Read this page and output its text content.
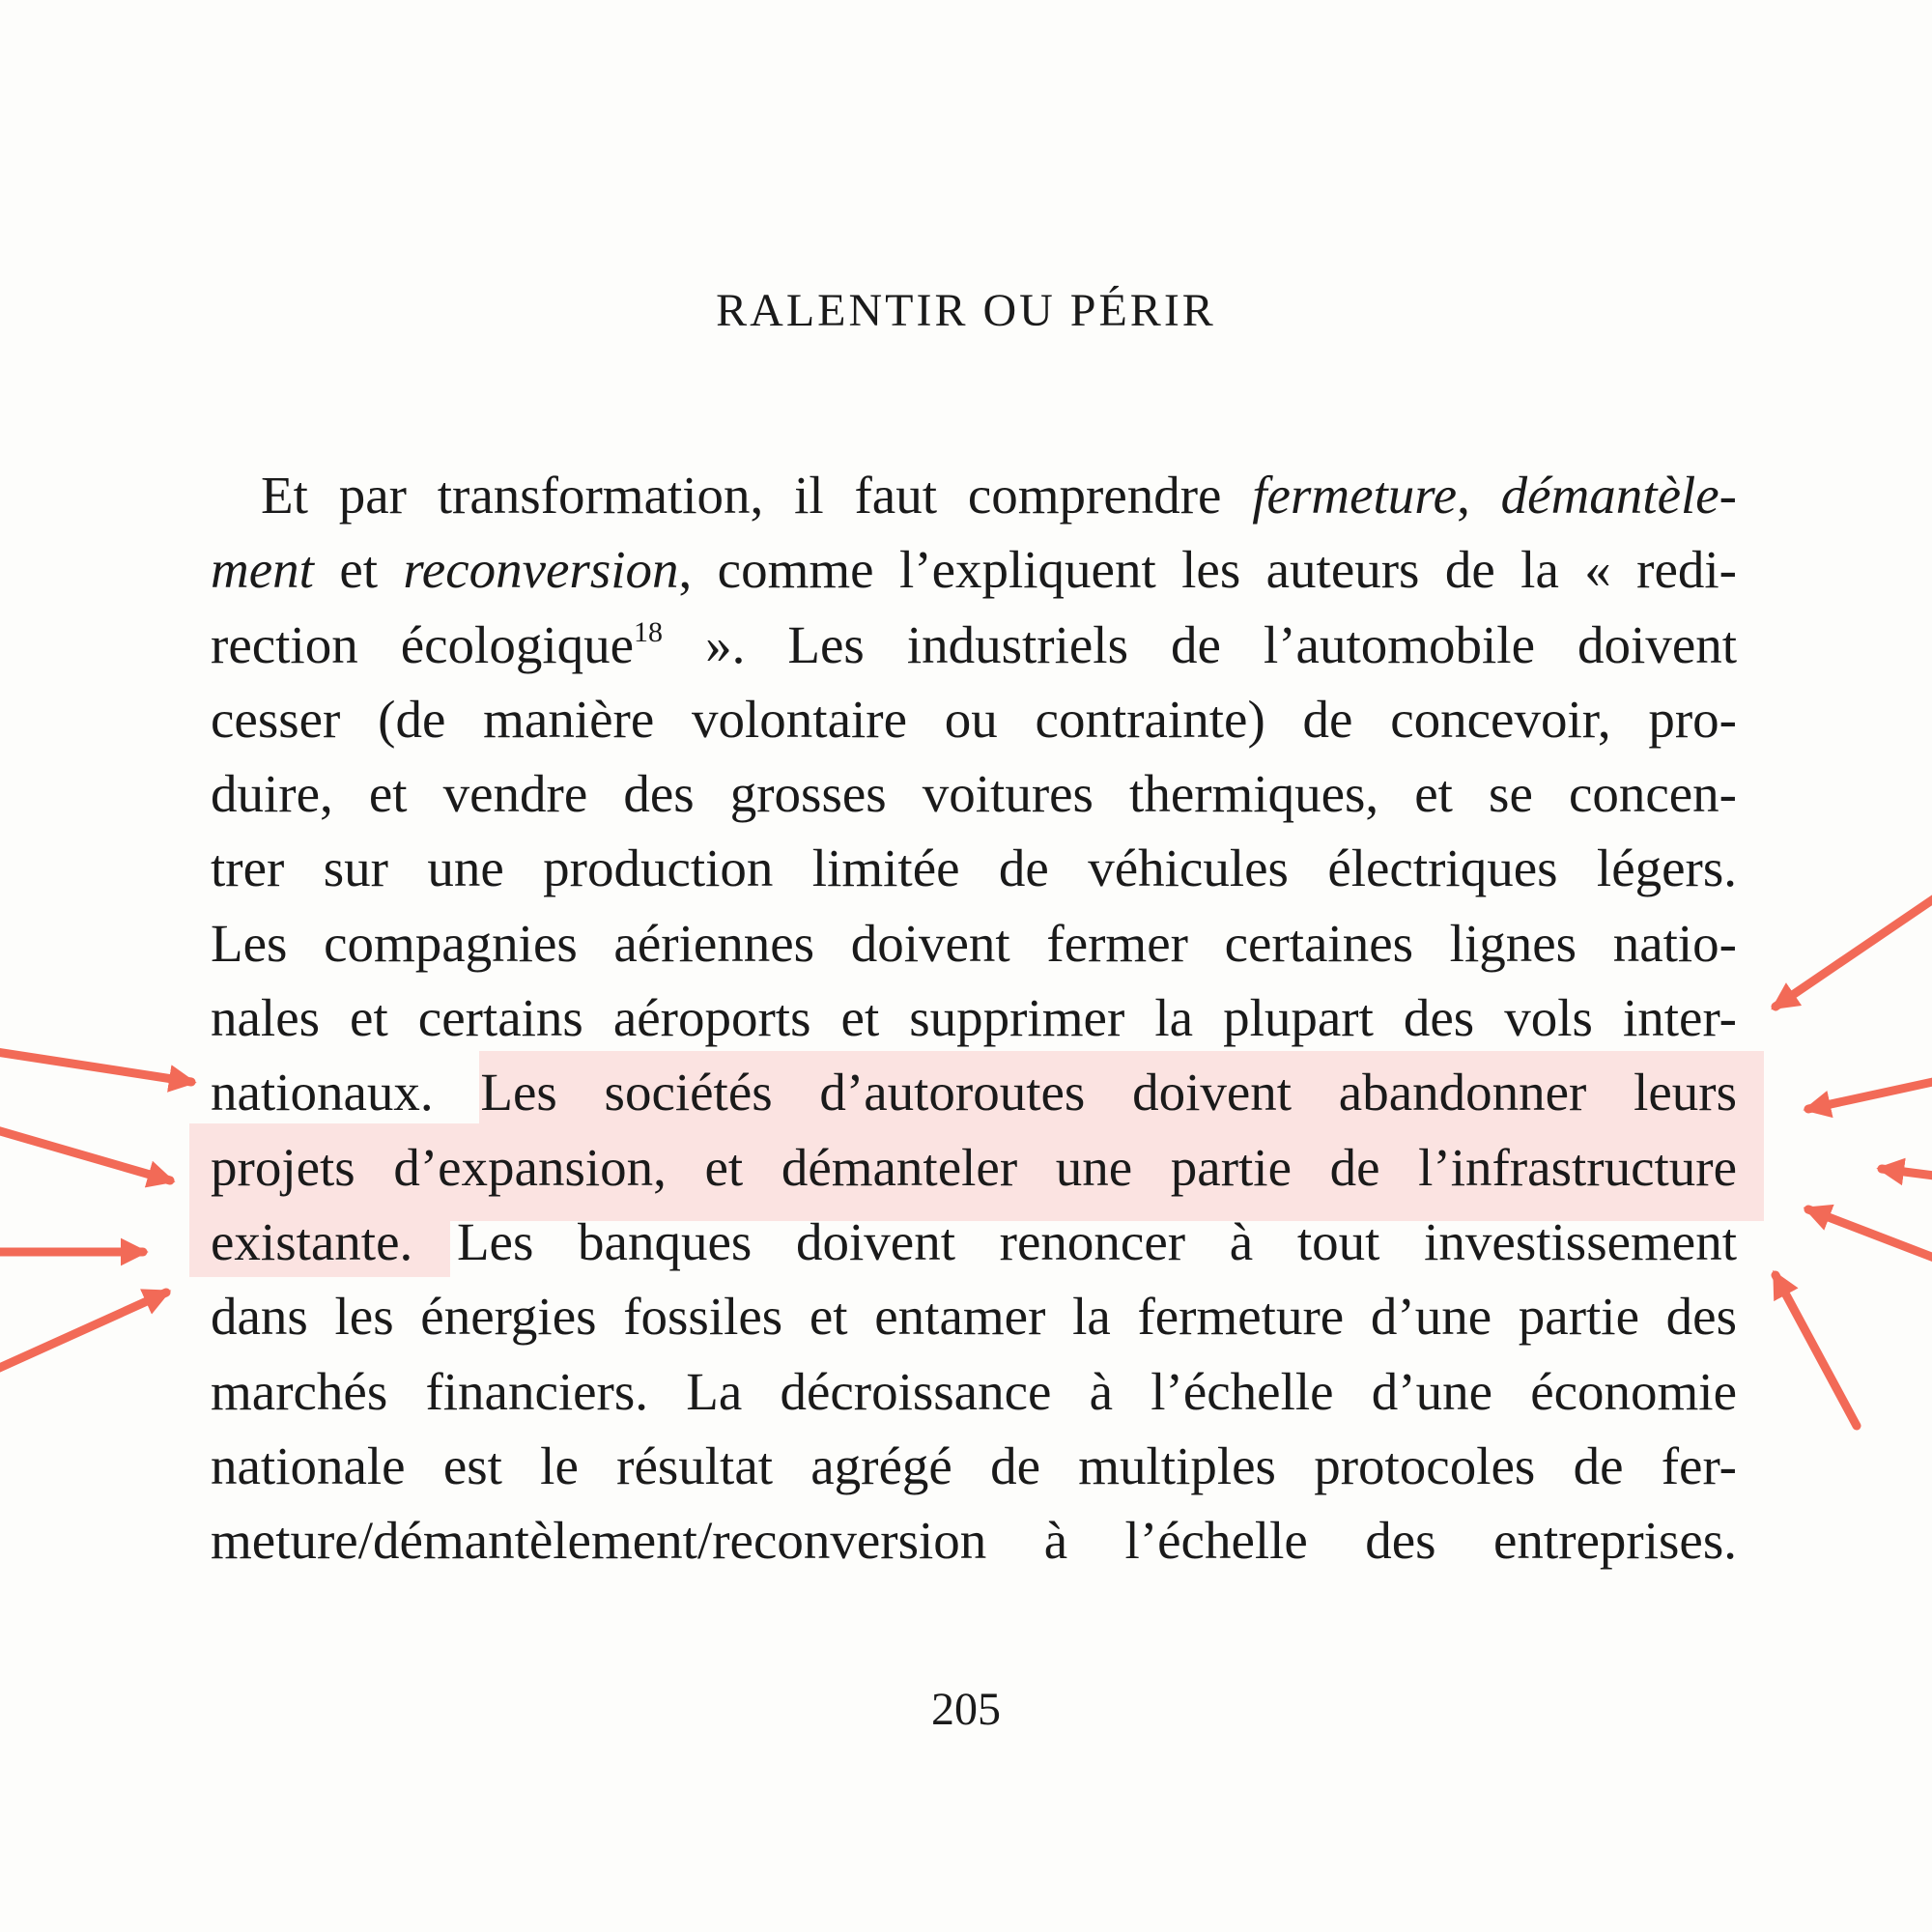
RALENTIR OU PÉRIR
Et par transformation, il faut comprendre fermeture, démantèle-
ment et reconversion, comme l’expliquent les auteurs de la « redi-
rection écologique$^{18}$ ». Les industriels de l’automobile doivent
cesser (de manière volontaire ou contrainte) de concevoir, pro-
duire, et vendre des grosses voitures thermiques, et se concen-
trer sur une production limitée de véhicules électriques légers.
Les compagnies aériennes doivent fermer certaines lignes natio-
nales et certains aéroports et supprimer la plupart des vols inter-
nationaux. Les sociétés d’autoroutes doivent abandonner leurs
projets d’expansion, et démanteler une partie de l’infrastructure
existante. Les banques doivent renoncer à tout investissement
dans les énergies fossiles et entamer la fermeture d’une partie des
marchés financiers. La décroissance à l’échelle d’une économie
nationale est le résultat agrégé de multiples protocoles de fer-
meture/démantèlement/reconversion à l’échelle des entreprises.
205
